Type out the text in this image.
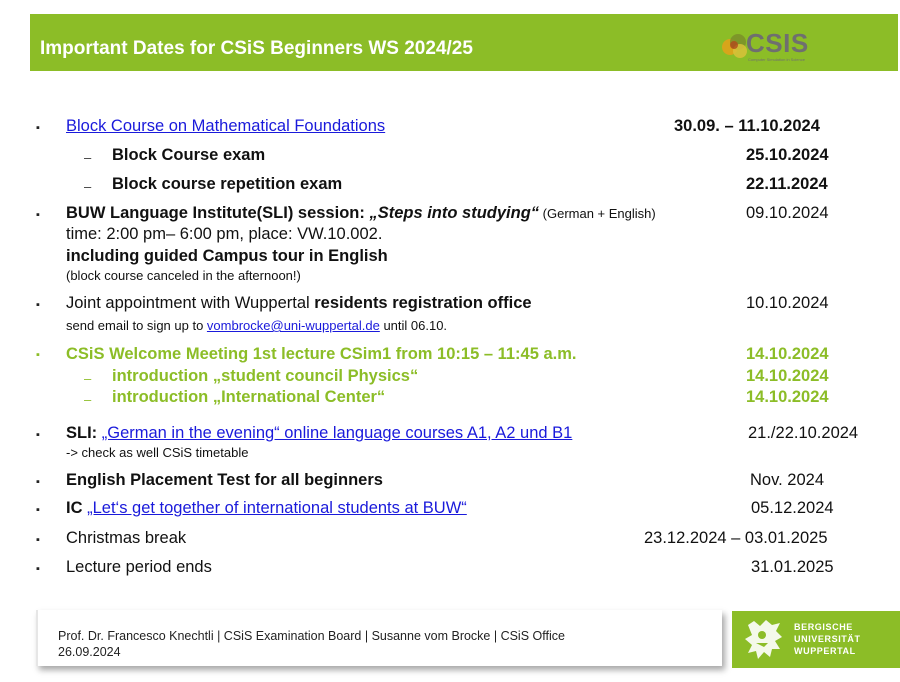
Important Dates for CSiS Beginners WS 2024/25	CSIS
Computer Simulation in Science
▪ Block Course on Mathematical Foundations	30.09. – 11.10.2024
– Block Course exam	25.10.2024
– Block course repetition exam	22.11.2024
▪ BUW Language Institute(SLI) session: „Steps into studying“ (German + English)	09.10.2024
time: 2:00 pm– 6:00 pm, place: VW.10.002.
including guided Campus tour in English
(block course canceled in the afternoon!)
▪ Joint appointment with Wuppertal residents registration office	10.10.2024
send email to sign up to vombrocke@uni-wuppertal.de until 06.10.
▪ CSiS Welcome Meeting 1st lecture CSim1 from 10:15 – 11:45 a.m.	14.10.2024
– introduction „student council Physics“	14.10.2024
– introduction „International Center“	14.10.2024
▪ SLI: „German in the evening“ online language courses A1, A2 und B1	21./22.10.2024
-> check as well CSiS timetable
▪ English Placement Test for all beginners	Nov. 2024
▪ IC „Let‘s get together of international students at BUW“	05.12.2024
▪ Christmas break	23.12.2024 – 03.01.2025
▪ Lecture period ends	31.01.2025
Prof. Dr. Francesco Knechtli | CSiS Examination Board | Susanne vom Brocke | CSiS Office
26.09.2024
BERGISCHE
UNIVERSITÄT
WUPPERTAL
